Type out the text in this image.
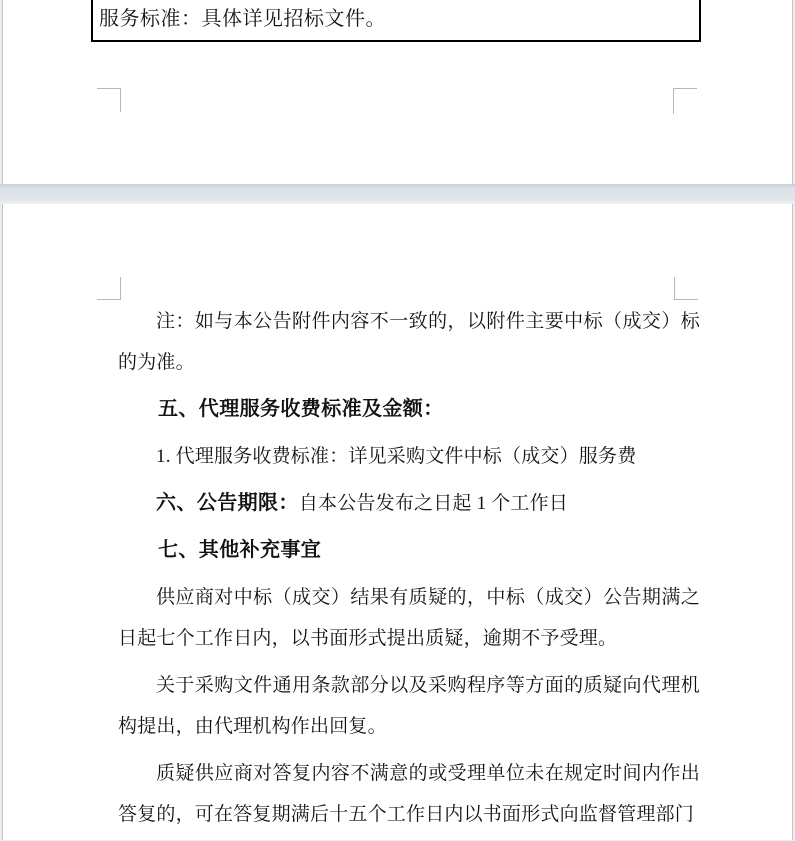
服务标准：具体详见招标文件。

注：如与本公告附件内容不一致的，以附件主要中标（成交）标的为准。

五、代理服务收费标准及金额：

1. 代理服务收费标准：详见采购文件中标（成交）服务费

六、公告期限：自本公告发布之日起 1 个工作日

七、其他补充事宜

供应商对中标（成交）结果有质疑的，中标（成交）公告期满之日起七个工作日内，以书面形式提出质疑，逾期不予受理。

关于采购文件通用条款部分以及采购程序等方面的质疑向代理机构提出，由代理机构作出回复。

质疑供应商对答复内容不满意的或受理单位未在规定时间内作出答复的，可在答复期满后十五个工作日内以书面形式向监督管理部门
